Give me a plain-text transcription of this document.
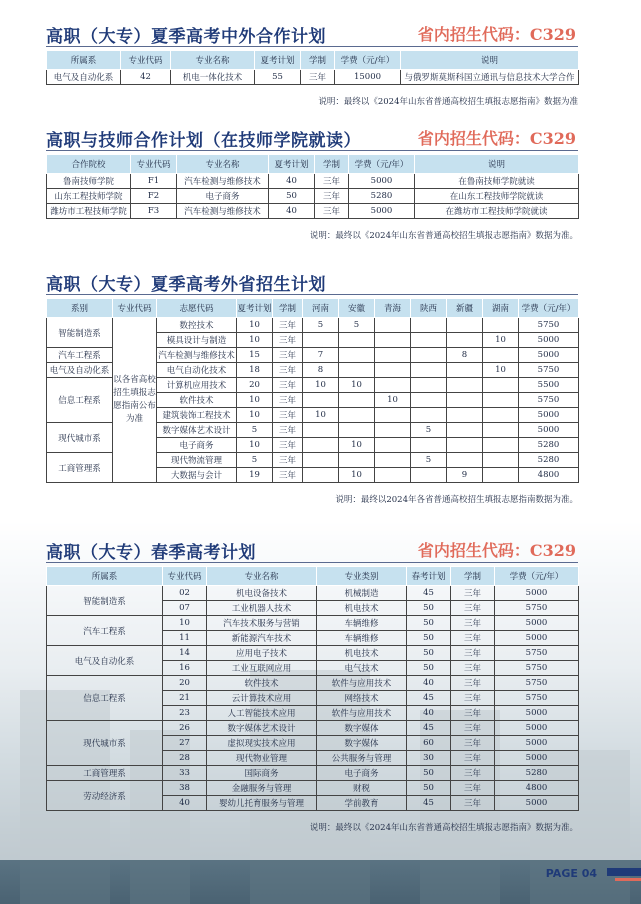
高职（大专）夏季高考中外合作计划	省内招生代码：C329
所属系	专业代码	专业名称	夏考计划	学制	学费（元/年）	说明
电气及自动化系	42	机电一体化技术	55	三年	15000	与俄罗斯莫斯科国立通讯与信息技术大学合作
说明：最终以《2024年山东省普通高校招生填报志愿指南》数据为准
高职与技师合作计划（在技师学院就读）	省内招生代码：C329
合作院校	专业代码	专业名称	夏考计划	学制	学费（元/年）	说明
鲁南技师学院	F1	汽车检测与维修技术	40	三年	5000	在鲁南技师学院就读
山东工程技师学院	F2	电子商务	50	三年	5280	在山东工程技师学院就读
潍坊市工程技师学院	F3	汽车检测与维修技术	40	三年	5000	在潍坊市工程技师学院就读
说明：最终以《2024年山东省普通高校招生填报志愿指南》数据为准。
高职（大专）夏季高考外省招生计划
系别	专业代码	志愿代码	夏考计划	学制	河南	安徽	青海	陕西	新疆	湖南	学费（元/年）
智能制造系	以各省高校招生填报志愿指南公布为准	数控技术	10	三年	5	5					5750
		模具设计与制造	10	三年						10	5000
汽车工程系		汽车检测与维修技术	15	三年	7				8		5000
电气及自动化系		电气自动化技术	18	三年	8					10	5750
信息工程系		计算机应用技术	20	三年	10	10					5500
		软件技术	10	三年			10				5750
		建筑装饰工程技术	10	三年	10						5000
现代城市系		数字媒体艺术设计	5	三年				5			5000
		电子商务	10	三年		10					5280
工商管理系		现代物流管理	5	三年				5			5280
		大数据与会计	19	三年		10			9		4800
说明：最终以2024年各省普通高校招生填报志愿指南数据为准。
高职（大专）春季高考计划	省内招生代码：C329
所属系	专业代码	专业名称	专业类别	春考计划	学制	学费（元/年）
智能制造系	02	机电设备技术	机械制造	45	三年	5000
	07	工业机器人技术	机电技术	50	三年	5750
汽车工程系	10	汽车技术服务与营销	车辆维修	50	三年	5000
	11	新能源汽车技术	车辆维修	50	三年	5000
电气及自动化系	14	应用电子技术	机电技术	50	三年	5750
	16	工业互联网应用	电气技术	50	三年	5750
信息工程系	20	软件技术	软件与应用技术	40	三年	5750
	21	云计算技术应用	网络技术	45	三年	5750
	23	人工智能技术应用	软件与应用技术	40	三年	5000
现代城市系	26	数字媒体艺术设计	数字媒体	45	三年	5000
	27	虚拟现实技术应用	数字媒体	60	三年	5000
	28	现代物业管理	公共服务与管理	30	三年	5000
工商管理系	33	国际商务	电子商务	50	三年	5280
劳动经济系	38	金融服务与管理	财税	50	三年	4800
	40	婴幼儿托育服务与管理	学前教育	45	三年	5000
说明：最终以《2024年山东省普通高校招生填报志愿指南》数据为准。
PAGE 04
